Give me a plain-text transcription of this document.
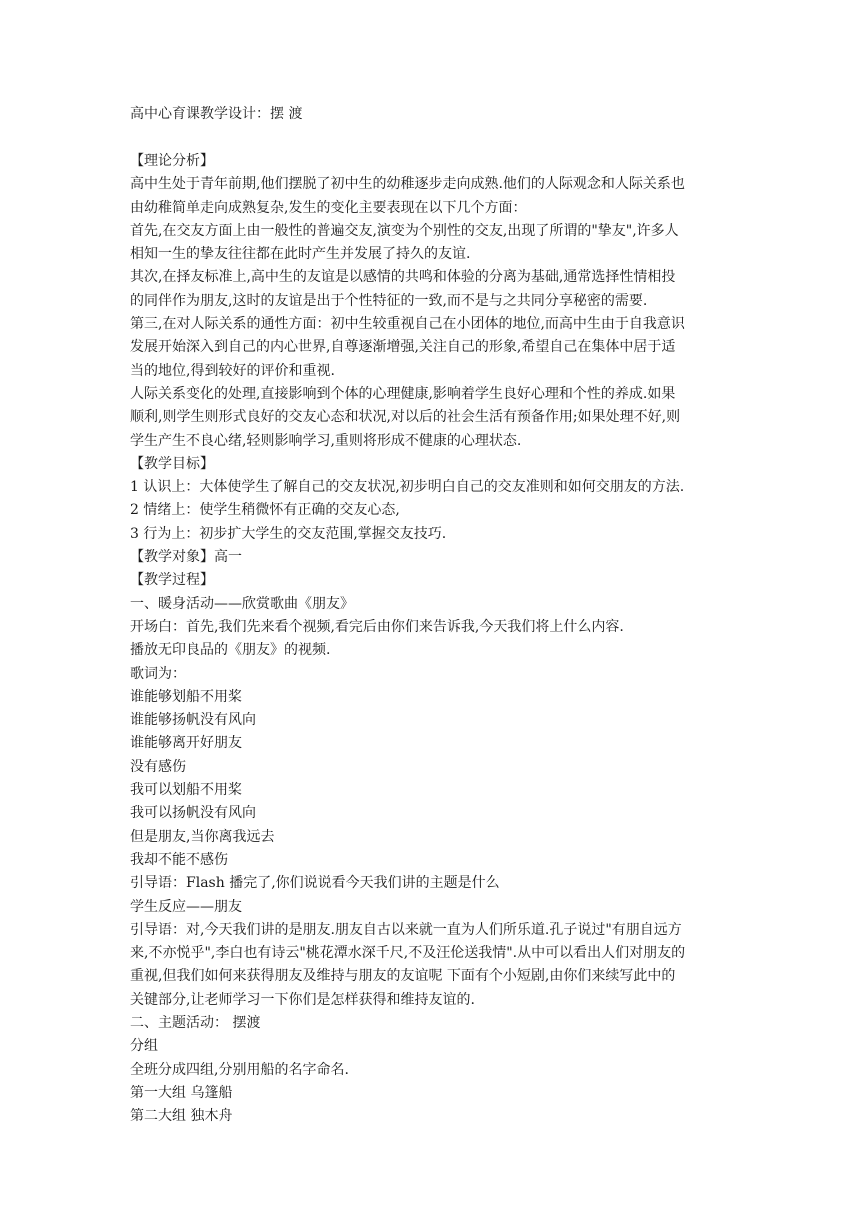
高中心育课教学设计：摆 渡
【理论分析】
高中生处于青年前期,他们摆脱了初中生的幼稚逐步走向成熟.他们的人际观念和人际关系也
由幼稚简单走向成熟复杂,发生的变化主要表现在以下几个方面：
首先,在交友方面上由一般性的普遍交友,演变为个别性的交友,出现了所谓的"挚友",许多人
相知一生的挚友往往都在此时产生并发展了持久的友谊.
其次,在择友标准上,高中生的友谊是以感情的共鸣和体验的分离为基础,通常选择性情相投
的同伴作为朋友,这时的友谊是出于个性特征的一致,而不是与之共同分享秘密的需要.
第三,在对人际关系的通性方面：初中生较重视自己在小团体的地位,而高中生由于自我意识
发展开始深入到自己的内心世界,自尊逐渐增强,关注自己的形象,希望自己在集体中居于适
当的地位,得到较好的评价和重视.
人际关系变化的处理,直接影响到个体的心理健康,影响着学生良好心理和个性的养成.如果
顺利,则学生则形式良好的交友心态和状况,对以后的社会生活有预备作用;如果处理不好,则
学生产生不良心绪,轻则影响学习,重则将形成不健康的心理状态.
【教学目标】
1 认识上：大体使学生了解自己的交友状况,初步明白自己的交友准则和如何交朋友的方法.
2 情绪上：使学生稍微怀有正确的交友心态,
3 行为上：初步扩大学生的交友范围,掌握交友技巧.
【教学对象】高一
【教学过程】
一、暖身活动——欣赏歌曲《朋友》
开场白：首先,我们先来看个视频,看完后由你们来告诉我,今天我们将上什么内容.
播放无印良品的《朋友》的视频.
歌词为：
谁能够划船不用桨
谁能够扬帆没有风向
谁能够离开好朋友
没有感伤
我可以划船不用桨
我可以扬帆没有风向
但是朋友,当你离我远去
我却不能不感伤
引导语：Flash 播完了,你们说说看今天我们讲的主题是什么
学生反应——朋友
引导语：对,今天我们讲的是朋友.朋友自古以来就一直为人们所乐道.孔子说过"有朋自远方
来,不亦悦乎",李白也有诗云"桃花潭水深千尺,不及汪伦送我情".从中可以看出人们对朋友的
重视,但我们如何来获得朋友及维持与朋友的友谊呢 下面有个小短剧,由你们来续写此中的
关键部分,让老师学习一下你们是怎样获得和维持友谊的.
二、主题活动： 摆渡
分组
全班分成四组,分别用船的名字命名.
第一大组 乌篷船
第二大组 独木舟
